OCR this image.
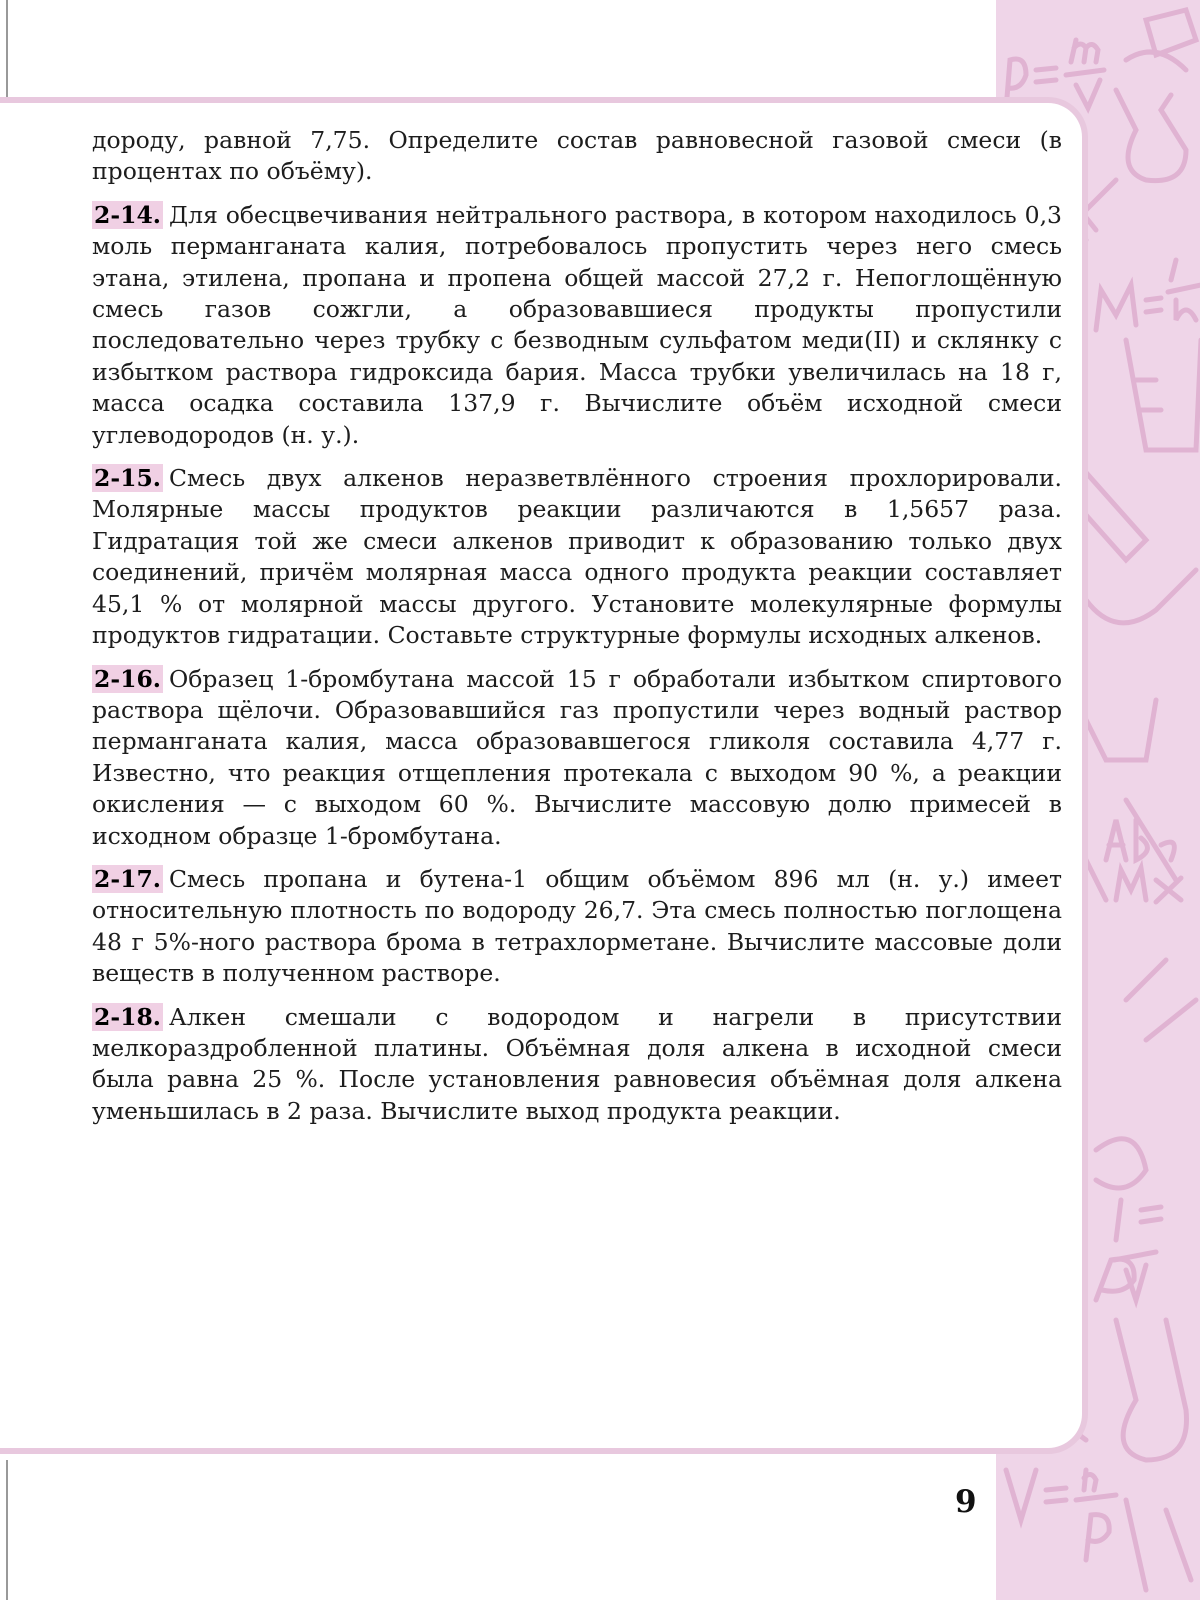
дороду, равной 7,75. Определите состав равновесной газовой смеси (в процентах по объёму).

2-14. Для обесцвечивания нейтрального раствора, в котором находилось 0,3 моль перманганата калия, потребовалось пропустить через него смесь этана, этилена, пропана и пропена общей массой 27,2 г. Непоглощённую смесь газов сожгли, а образовавшиеся продукты пропустили последовательно через трубку с безводным сульфатом меди(II) и склянку с избытком раствора гидроксида бария. Масса трубки увеличилась на 18 г, масса осадка составила 137,9 г. Вычислите объём исходной смеси углеводородов (н. у.).

2-15. Смесь двух алкенов неразветвлённого строения прохлорировали. Молярные массы продуктов реакции различаются в 1,5657 раза. Гидратация той же смеси алкенов приводит к образованию только двух соединений, причём молярная масса одного продукта реакции составляет 45,1 % от молярной массы другого. Установите молекулярные формулы продуктов гидратации. Составьте структурные формулы исходных алкенов.

2-16. Образец 1-бромбутана массой 15 г обработали избытком спиртового раствора щёлочи. Образовавшийся газ пропустили через водный раствор перманганата калия, масса образовавшегося гликоля составила 4,77 г. Известно, что реакция отщепления протекала с выходом 90 %, а реакции окисления — с выходом 60 %. Вычислите массовую долю примесей в исходном образце 1-бромбутана.

2-17. Смесь пропана и бутена-1 общим объёмом 896 мл (н. у.) имеет относительную плотность по водороду 26,7. Эта смесь полностью поглощена 48 г 5%-ного раствора брома в тетрахлорметане. Вычислите массовые доли веществ в полученном растворе.

2-18. Алкен смешали с водородом и нагрели в присутствии мелкораздробленной платины. Объёмная доля алкена в исходной смеси была равна 25 %. После установления равновесия объёмная доля алкена уменьшилась в 2 раза. Вычислите выход продукта реакции.

9
